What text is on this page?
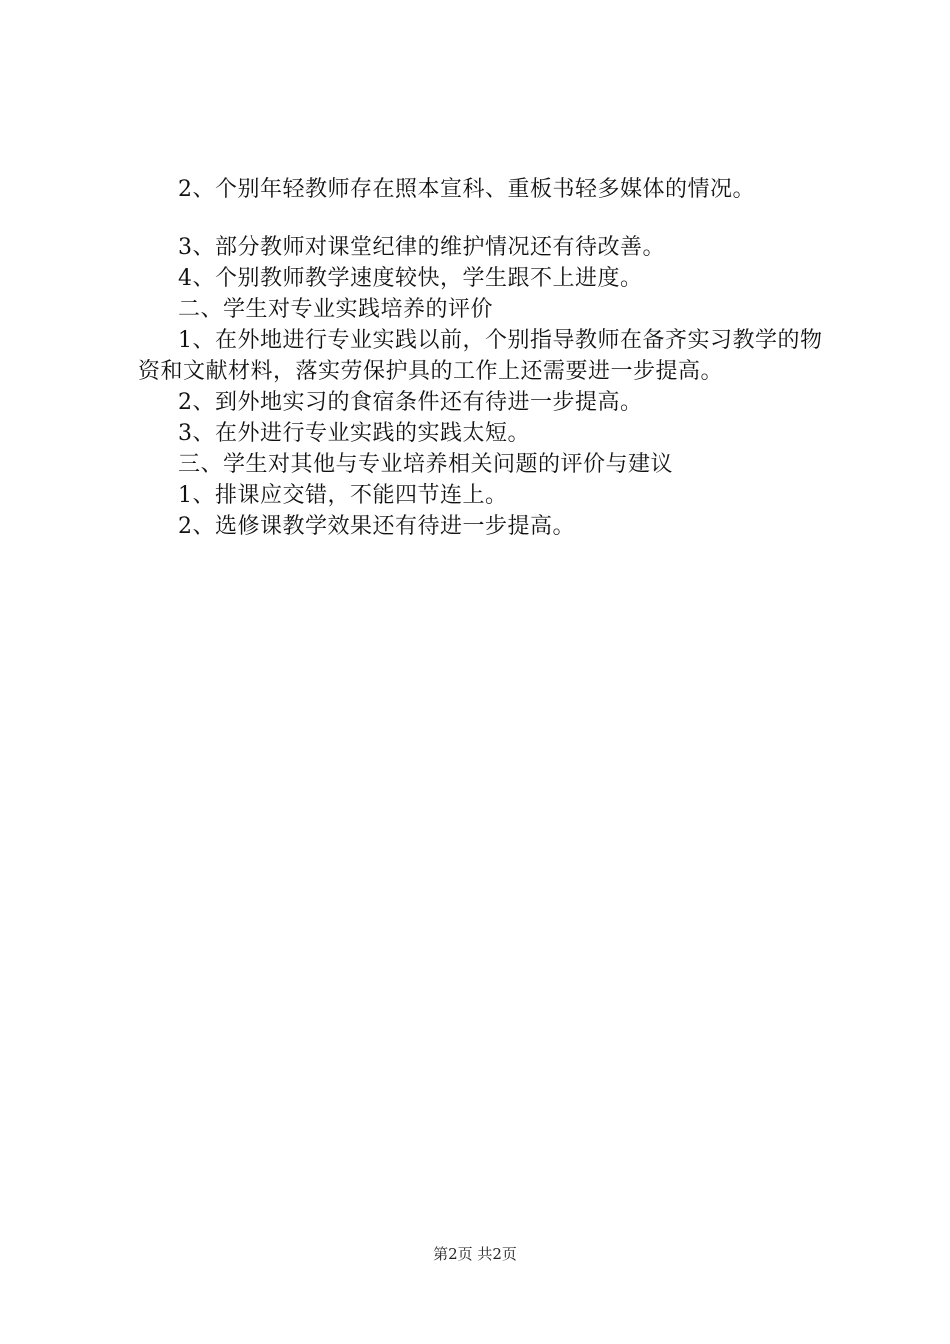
2、个别年轻教师存在照本宣科、重板书轻多媒体的情况。

3、部分教师对课堂纪律的维护情况还有待改善。

4、个别教师教学速度较快，学生跟不上进度。

二、学生对专业实践培养的评价

1、在外地进行专业实践以前，个别指导教师在备齐实习教学的物资和文献材料，落实劳保护具的工作上还需要进一步提高。

2、到外地实习的食宿条件还有待进一步提高。

3、在外进行专业实践的实践太短。

三、学生对其他与专业培养相关问题的评价与建议

1、排课应交错，不能四节连上。

2、选修课教学效果还有待进一步提高。

第2页 共2页
